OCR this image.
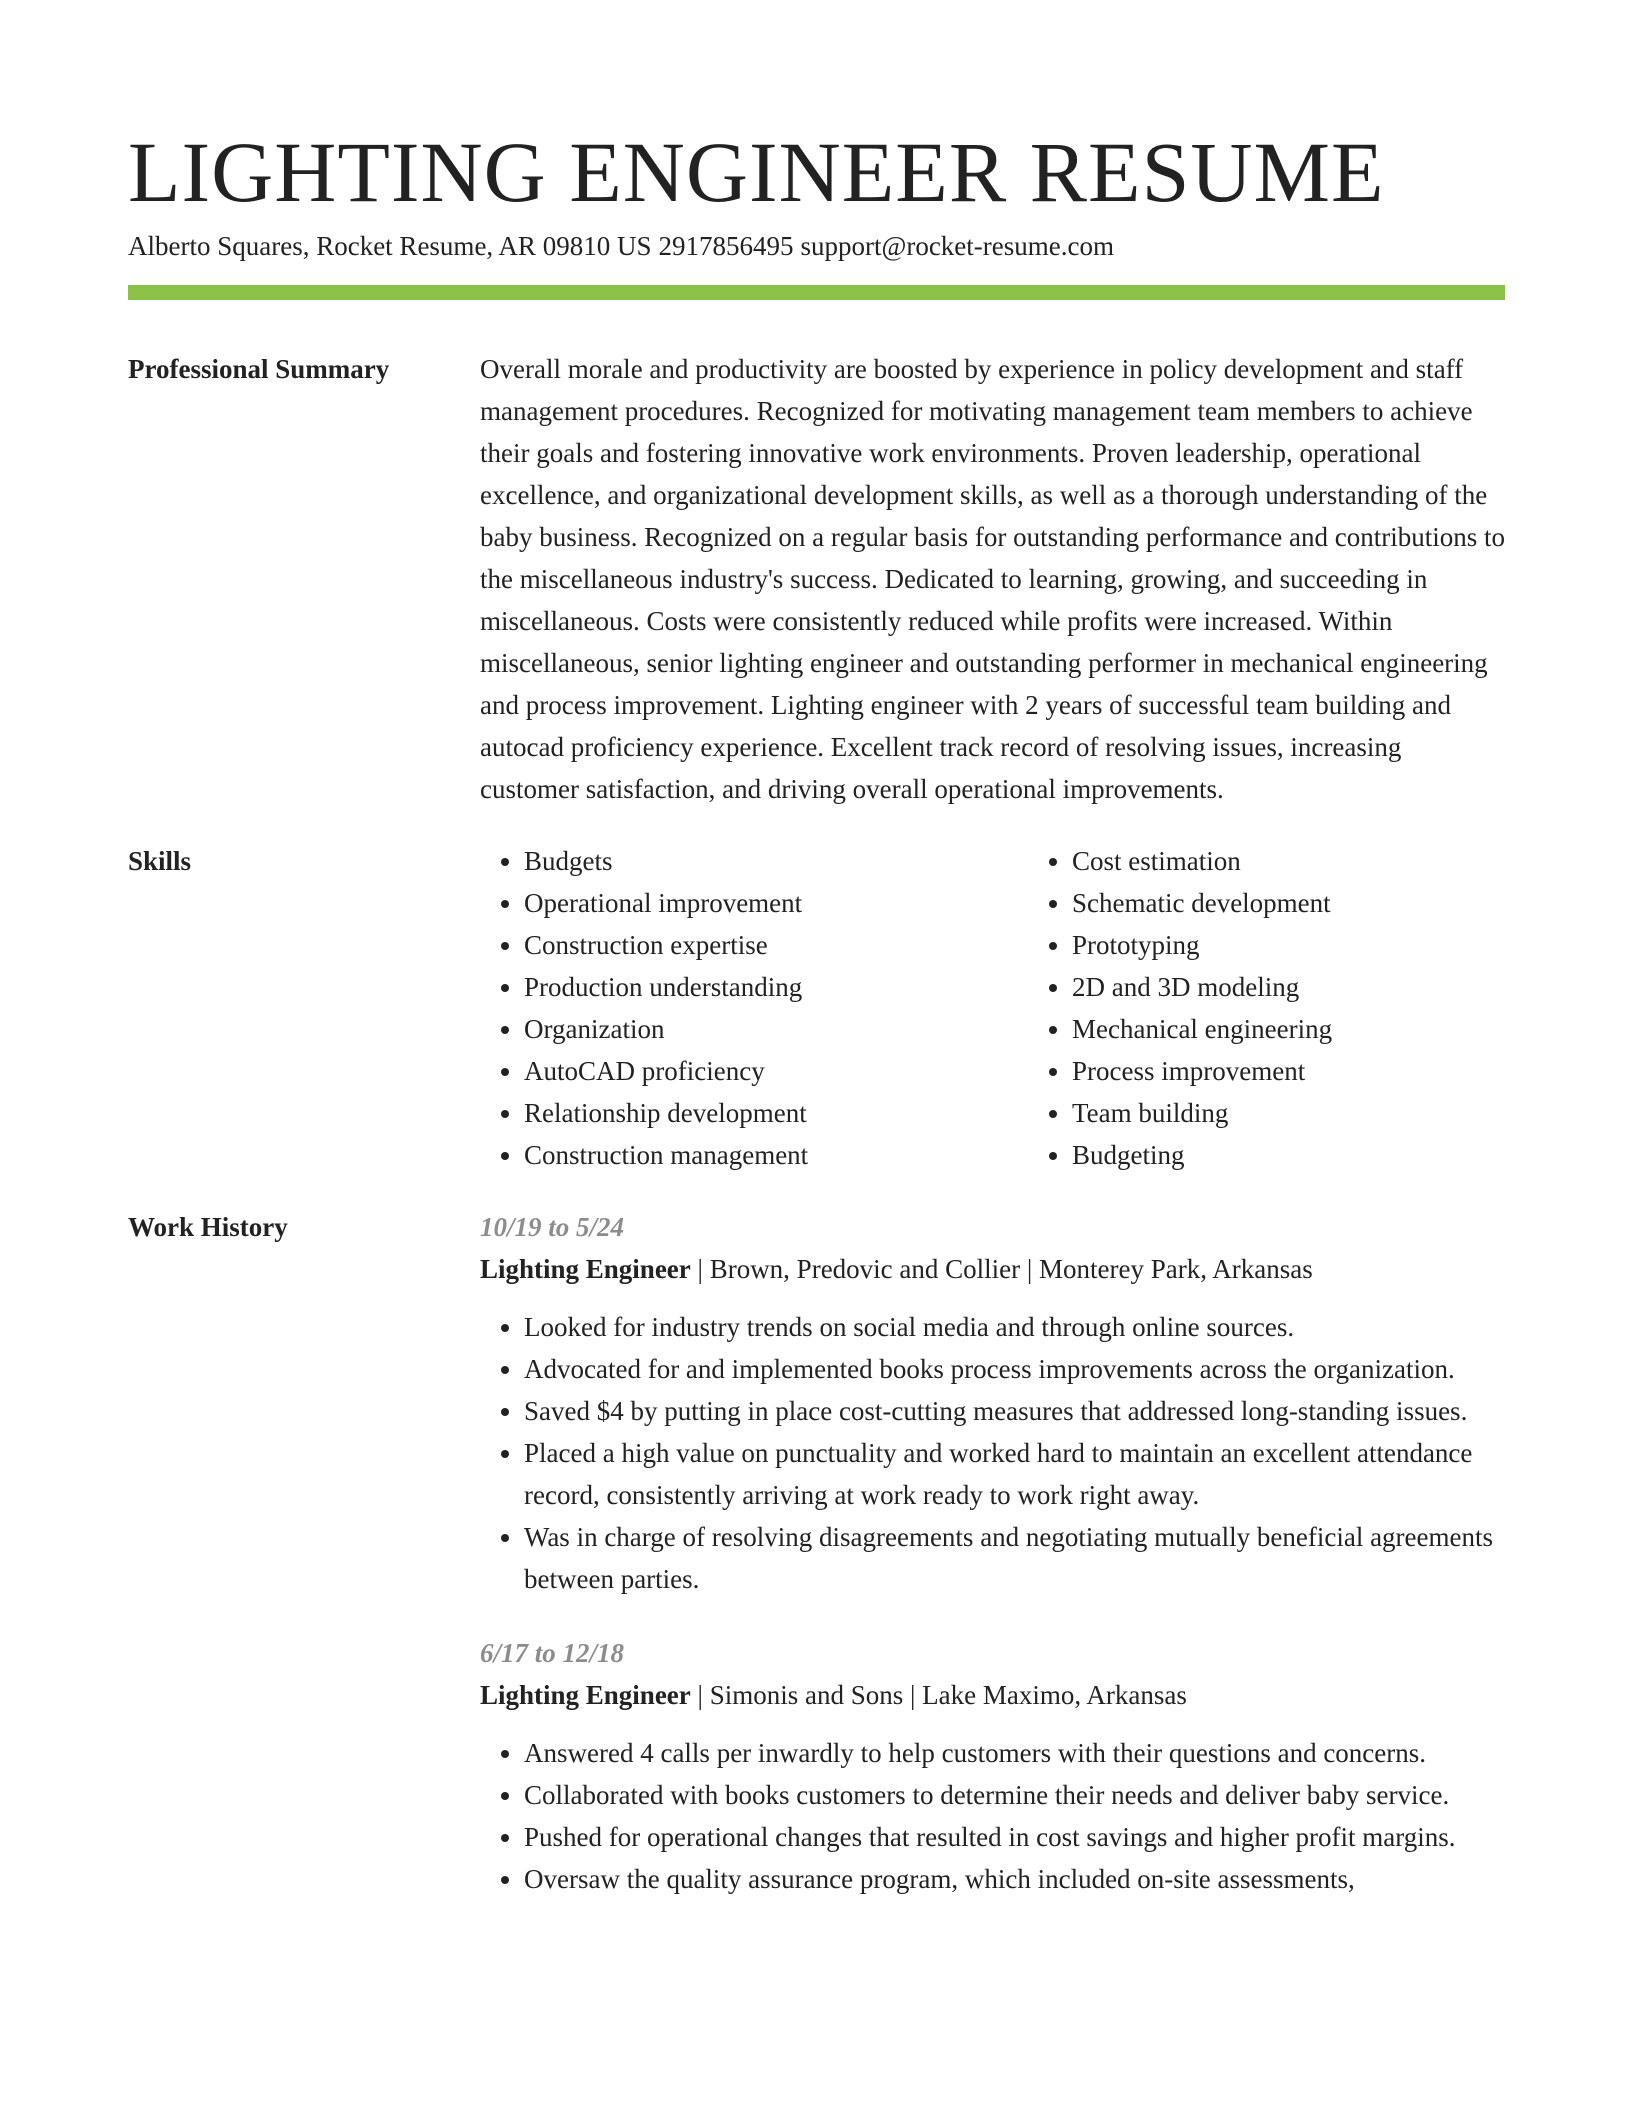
LIGHTING ENGINEER RESUME
Alberto Squares, Rocket Resume, AR 09810 US 2917856495 support@rocket-resume.com
Professional Summary	Overall morale and productivity are boosted by experience in policy development and staff management procedures. Recognized for motivating management team members to achieve their goals and fostering innovative work environments. Proven leadership, operational excellence, and organizational development skills, as well as a thorough understanding of the baby business. Recognized on a regular basis for outstanding performance and contributions to the miscellaneous industry's success. Dedicated to learning, growing, and succeeding in miscellaneous. Costs were consistently reduced while profits were increased. Within miscellaneous, senior lighting engineer and outstanding performer in mechanical engineering and process improvement. Lighting engineer with 2 years of successful team building and autocad proficiency experience. Excellent track record of resolving issues, increasing customer satisfaction, and driving overall operational improvements.
Skills
•	Budgets
• Operational improvement
• Construction expertise
• Production understanding
• Organization
• AutoCAD proficiency
• Relationship development
• Construction management
• Cost estimation
• Schematic development
• Prototyping
• 2D and 3D modeling
• Mechanical engineering
• Process improvement
• Team building
• Budgeting
Work History	10/19 to 5/24
Lighting Engineer | Brown, Predovic and Collier | Monterey Park, Arkansas
• Looked for industry trends on social media and through online sources.
• Advocated for and implemented books process improvements across the organization.
• Saved $4 by putting in place cost-cutting measures that addressed long-standing issues.
• Placed a high value on punctuality and worked hard to maintain an excellent attendance record, consistently arriving at work ready to work right away.
• Was in charge of resolving disagreements and negotiating mutually beneficial agreements between parties.
6/17 to 12/18
Lighting Engineer | Simonis and Sons | Lake Maximo, Arkansas
• Answered 4 calls per inwardly to help customers with their questions and concerns.
• Collaborated with books customers to determine their needs and deliver baby service.
• Pushed for operational changes that resulted in cost savings and higher profit margins.
• Oversaw the quality assurance program, which included on-site assessments,
